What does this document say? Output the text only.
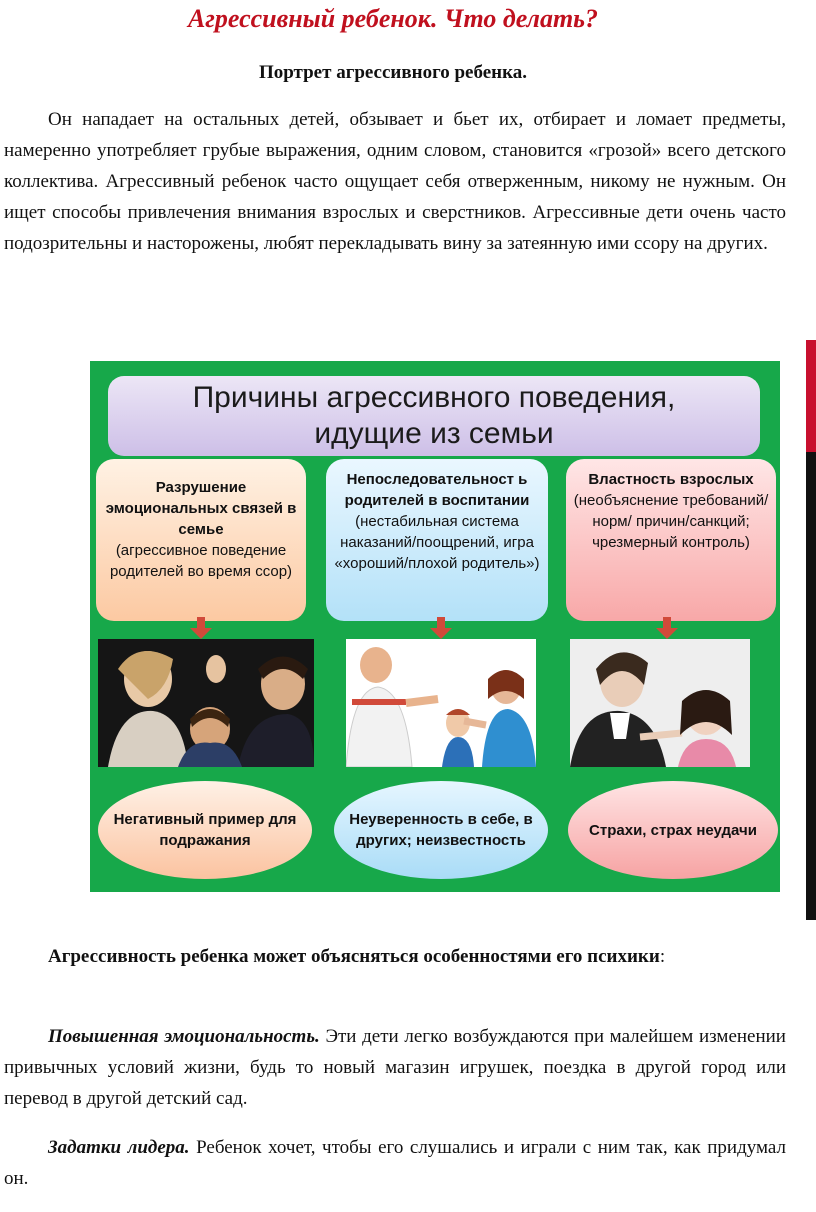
Агрессивный ребенок. Что делать?
Портрет агрессивного ребенка.
Он нападает на остальных детей, обзывает и бьет их, отбирает и ломает предметы, намеренно употребляет грубые выражения, одним словом, становится «грозой» всего детского коллектива. Агрессивный ребенок часто ощущает себя отверженным, никому не нужным. Он ищет способы привлечения внимания взрослых и сверстников. Агрессивные дети очень часто подозрительны и насторожены, любят перекладывать вину за затеянную ими ссору на других.
Причины агрессивного поведения,
идущие из семьи
Разрушение эмоциональных связей в семье
(агрессивное поведение родителей во время ссор)
Непоследовательност ь родителей в воспитании
(нестабильная система наказаний/поощрений, игра «хороший/плохой родитель»)
Властность взрослых
(необъяснение требований/норм/ причин/санкций; чрезмерный контроль)
Негативный пример для подражания
Неуверенность в себе, в других; неизвестность
Страхи, страх неудачи
Агрессивность ребенка может объясняться особенностями его психики:
Повышенная эмоциональность. Эти дети легко возбуждаются при малейшем изменении привычных условий жизни, будь то новый магазин игрушек, поездка в другой город или перевод в другой детский сад.
Задатки лидера. Ребенок хочет, чтобы его слушались и играли с ним так, как придумал он.
